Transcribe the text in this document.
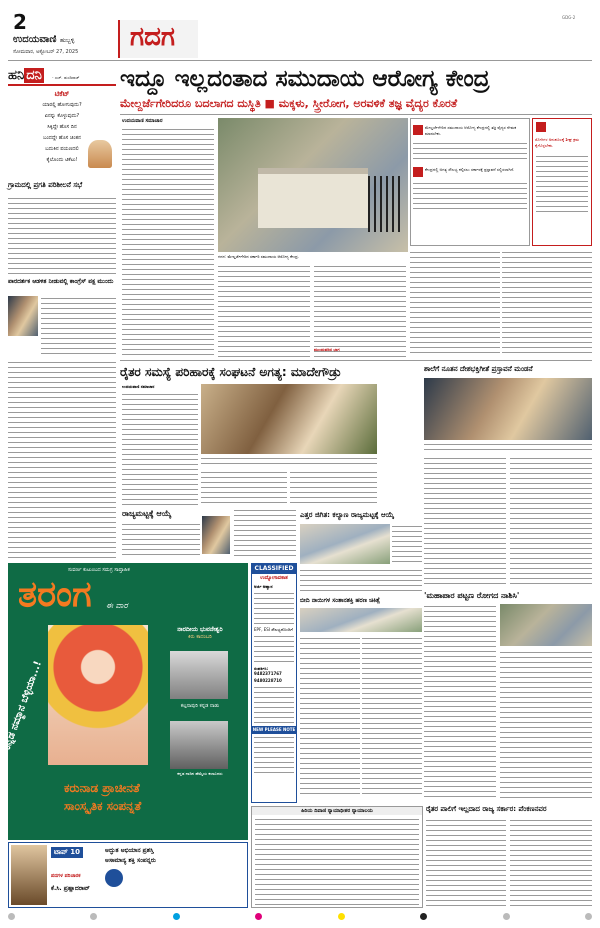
2
ಉದಯವಾಣಿ ಹುಬ್ಬಳ್ಳಿ
ಸೋಮವಾರ, ಅಕ್ಟೋಬರ್ 27, 2025	ಗದಗ
GDG-2
ಹನಿ ದನಿ	- ಎಚ್. ಡುಂಡಿರಾಜ್
ಟಿಕೆಟ್
ಯಾರಲ್ಲಿ ಹೋಗುವುದು?
ಏನನ್ನು ಕೊಳ್ಳುವುದು?
ಸಿಕ್ಕಿದ್ದೇ ಹೊಸ ದಿನ
ಬಂದದ್ದೇ ಹೊಸ ಚಿಂತನ
ಬದುಕಿನ ಪಯಣದಲಿ
ಕೈಲೊಂದು ಟಿಕೆಟು!
ಗ್ರಾಮದಲ್ಲಿ ಪ್ರಗತಿ ಪರಿಶೀಲನೆ ಸಭೆ
ಪಾರದರ್ಶಕ ಆಡಳಿತ ನೀಡುವಲ್ಲಿ ಕಾಂಗ್ರೆಸ್ ಪಕ್ಷ ಮುಂದು
ಇದ್ದೂ ಇಲ್ಲದಂತಾದ ಸಮುದಾಯ ಆರೋಗ್ಯ ಕೇಂದ್ರ
ಮೇಲ್ದರ್ಜೆಗೇರಿದರೂ ಬದಲಾಗದ ದುಸ್ಥಿತಿ ■ ಮಕ್ಕಳು, ಸ್ತ್ರೀರೋಗ, ಅರವಳಿಕೆ ತಜ್ಞ ವೈದ್ಯರ ಕೊರತೆ
ಉದಯವಾಣಿ ಸಮಾಚಾರ
ಗದಗ: ಮೇಲ್ದರ್ಜೆಗೇರಿದ ಸರ್ಕಾರಿ ಸಮುದಾಯ ಆರೋಗ್ಯ ಕೇಂದ್ರ.
ಮೇಲ್ದರ್ಜೆಗೇರಿದ ಸಮುದಾಯ ಆರೋಗ್ಯ ಕೇಂದ್ರದಲ್ಲಿ ತಜ್ಞ ವೈದ್ಯರ ನೇಮಕ ಮಾಡಬೇಕು.
ಕೇಂದ್ರದಲ್ಲಿ ಅಗತ್ಯ ಸೌಲಭ್ಯ ಕಲ್ಪಿಸಲು ಸರ್ಕಾರಕ್ಕೆ ಪ್ರಸ್ತಾವನೆ ಸಲ್ಲಿಸಲಾಗಿದೆ.
ರೋಗಿಗಳ ಅನುಕೂಲಕ್ಕೆ ಶೀಘ್ರ ಕ್ರಮ ಕೈಗೊಳ್ಳಬೇಕು.
ಮುಂದುವರಿದ ಭಾಗ
ರೈತರ ಸಮಸ್ಯೆ ಪರಿಹಾರಕ್ಕೆ ಸಂಘಟನೆ ಅಗತ್ಯ: ಮಾದೇಗೌಡ್ರು
ಉದಯವಾಣಿ ಸಮಾಚಾರ
ಶಾಲೆಗೆ ನೂತನ ದೇಶಭಕ್ತಿಗೀತೆ ಪ್ರಸ್ತಾವನೆ ಮಂಡನೆ
ರಾಜ್ಯಮಟ್ಟಕ್ಕೆ ಆಯ್ಕೆ	ಎತ್ತರ ಜಿಗಿತ: ಕಲ್ಯಾಣ ರಾಜ್ಯಮಟ್ಟಕ್ಕೆ ಆಯ್ಕೆ
ಸುವರ್ಣ ಕುಟುಂಬದ ಸಮಗ್ರ ಸಾಪ್ತಾಹಿಕ
ತರಂಗ ಈ ವಾರ
ಕನ್ನಡ ನಮ್ಮಾನ ಬೆಳ್ಳಿಯಾ...!
ನಾರದೀಯ ಭುವನೇಶ್ವರಿ
ಕಿರು ಕಾದಂಬರಿ
ಕಲ್ಪನಾಪುರಿ ಕನ್ನಡ ನಾಡು
ಕನ್ನಡ ನಾಡಿನ ಹೆಮ್ಮೆಯ ಕಲಾವಿದರು
ಕರುನಾಡ ಪ್ರಾಚೀನತೆ
ಸಾಂಸ್ಕೃತಿಕ ಸಂಪನ್ನತೆ
ಟಾಪ್ 10	ಅದ್ಭುತ ಅಭಿಯಾನ ಪ್ರಶಸ್ತಿ
ಅಸಾಮಾನ್ಯ ಶಕ್ತಿ ಸಂಪನ್ನರು
ಪದಗಳ ಪರಿಚಾರಕ
ಕೆ.ಸಿ. ಪ್ರಹ್ಲಾದರಾವ್
CLASSIFIED
ಉದ್ಯೋಗಾವಕಾಶ
ಅರ್ಜಿ ಆಹ್ವಾನ
EPF, ESI ಸೌಲಭ್ಯದೊಂದಿಗೆ
ಸಂಪರ್ಕಿಸಿ: 9482371767
9480228710
NEW PLEASE NOTE
ಬೀದಿ ನಾಯಿಗಳ ಸಂತಾನಶಕ್ತಿ ಹರಣ ಚಿಕಿತ್ಸೆ
'ಮಹಾಪಾರ ಪಟ್ಟಣ ರೋಗದ ನಾಶಿಸಿ'
ಹಿರಿಯ ದಿವಾಣಿ ನ್ಯಾಯಾಧೀಶರ ನ್ಯಾಯಾಲಯ	ರೈತರ ಪಾಲಿಗೆ ಇಲ್ಲದಾದ ರಾಜ್ಯ ಸರ್ಕಾರ: ಪೆಂಕಣನವರ
